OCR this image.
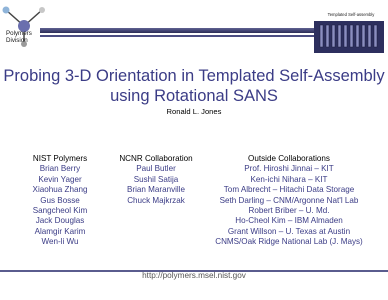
Polymers
Division
Templated Self-assembly
Probing 3-D Orientation in Templated Self-Assembly using Rotational SANS
Ronald L. Jones
NIST Polymers
Brian Berry
Kevin Yager
Xiaohua Zhang
Gus Bosse
Sangcheol Kim
Jack Douglas
Alamgir Karim
Wen-li Wu
NCNR Collaboration
Paul Butler
Sushil Satija
Brian Maranville
Chuck Majkrzak
Outside Collaborations
Prof. Hiroshi Jinnai – KIT
Ken-ichi Nihara – KIT
Tom Albrecht – Hitachi Data Storage
Seth Darling – CNM/Argonne Nat'l Lab
Robert Briber – U. Md.
Ho-Cheol Kim – IBM Almaden
Grant Willson – U. Texas at Austin
CNMS/Oak Ridge National Lab (J. Mays)
http://polymers.msel.nist.gov
